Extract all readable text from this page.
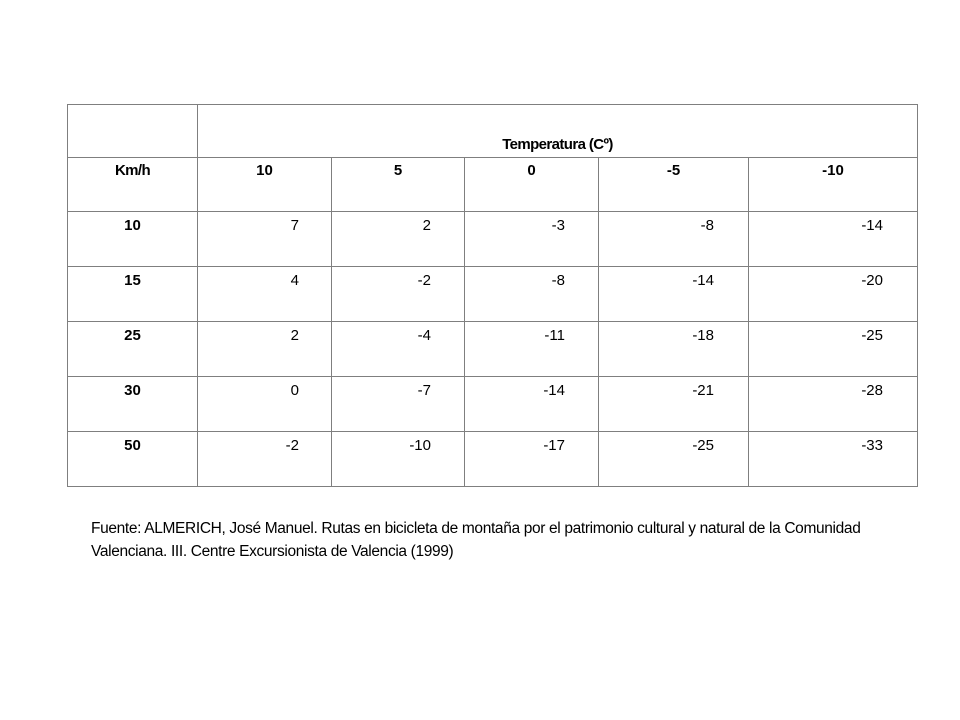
	Temperatura (Cº)				

Km/h	10	5	0	-5	-10
10	7	2	-3	-8	-14
15	4	-2	-8	-14	-20
25	2	-4	-11	-18	-25
30	0	-7	-14	-21	-28
50	-2	-10	-17	-25	-33

Fuente: ALMERICH, José Manuel. Rutas en bicicleta de montaña por el patrimonio cultural y natural de la Comunidad Valenciana. III. Centre Excursionista de Valencia (1999)
